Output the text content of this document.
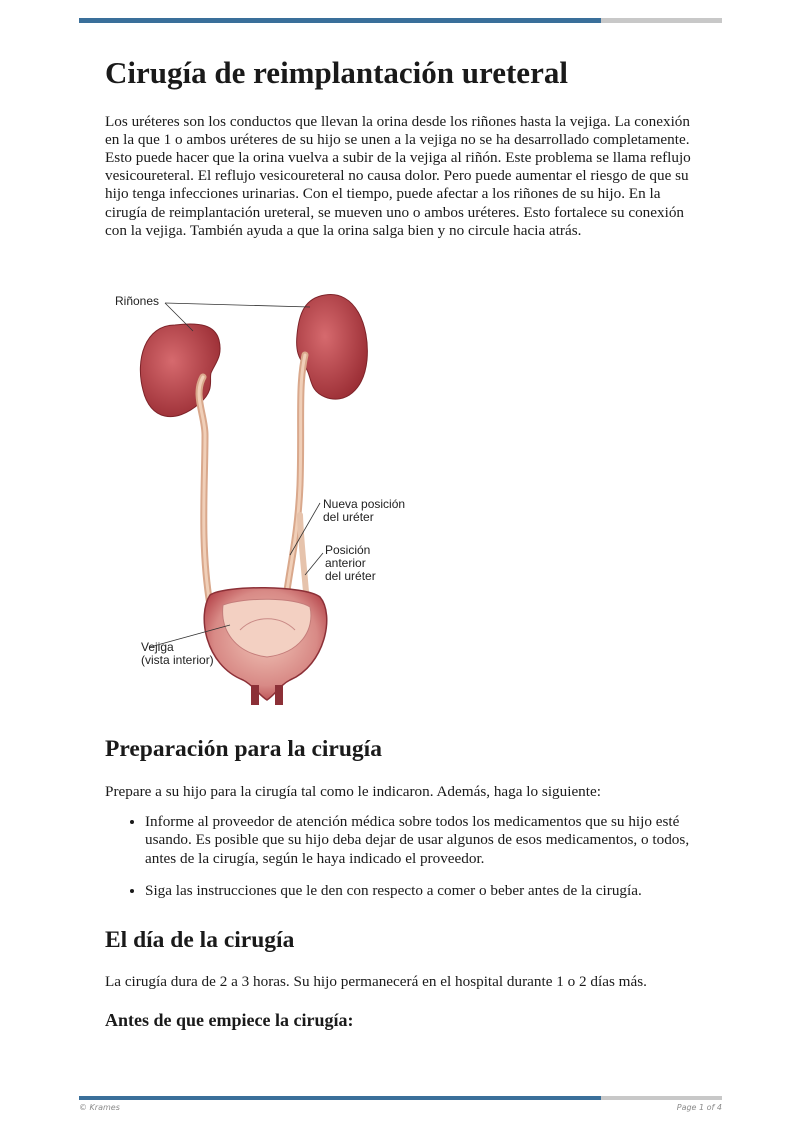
Cirugía de reimplantación ureteral

Los uréteres son los conductos que llevan la orina desde los riñones hasta la vejiga. La conexión en la que 1 o ambos uréteres de su hijo se unen a la vejiga no se ha desarrollado completamente. Esto puede hacer que la orina vuelva a subir de la vejiga al riñón. Este problema se llama reflujo vesicoureteral. El reflujo vesicoureteral no causa dolor. Pero puede aumentar el riesgo de que su hijo tenga infecciones urinarias. Con el tiempo, puede afectar a los riñones de su hijo. En la cirugía de reimplantación ureteral, se mueven uno o ambos uréteres. Esto fortalece su conexión con la vejiga. También ayuda a que la orina salga bien y no circule hacia atrás.

Riñones
Nueva posición
del uréter
Posición
anterior
del uréter
Vejiga
(vista interior)
Preparación para la cirugía

Prepare a su hijo para la cirugía tal como le indicaron. Además, haga lo siguiente:

• Informe al proveedor de atención médica sobre todos los medicamentos que su hijo esté usando. Es posible que su hijo deba dejar de usar algunos de esos medicamentos, o todos, antes de la cirugía, según le haya indicado el proveedor.
• Siga las instrucciones que le den con respecto a comer o beber antes de la cirugía.
El día de la cirugía

La cirugía dura de 2 a 3 horas. Su hijo permanecerá en el hospital durante 1 o 2 días más.

Antes de que empiece la cirugía:
© Krames	Page 1 of 4
